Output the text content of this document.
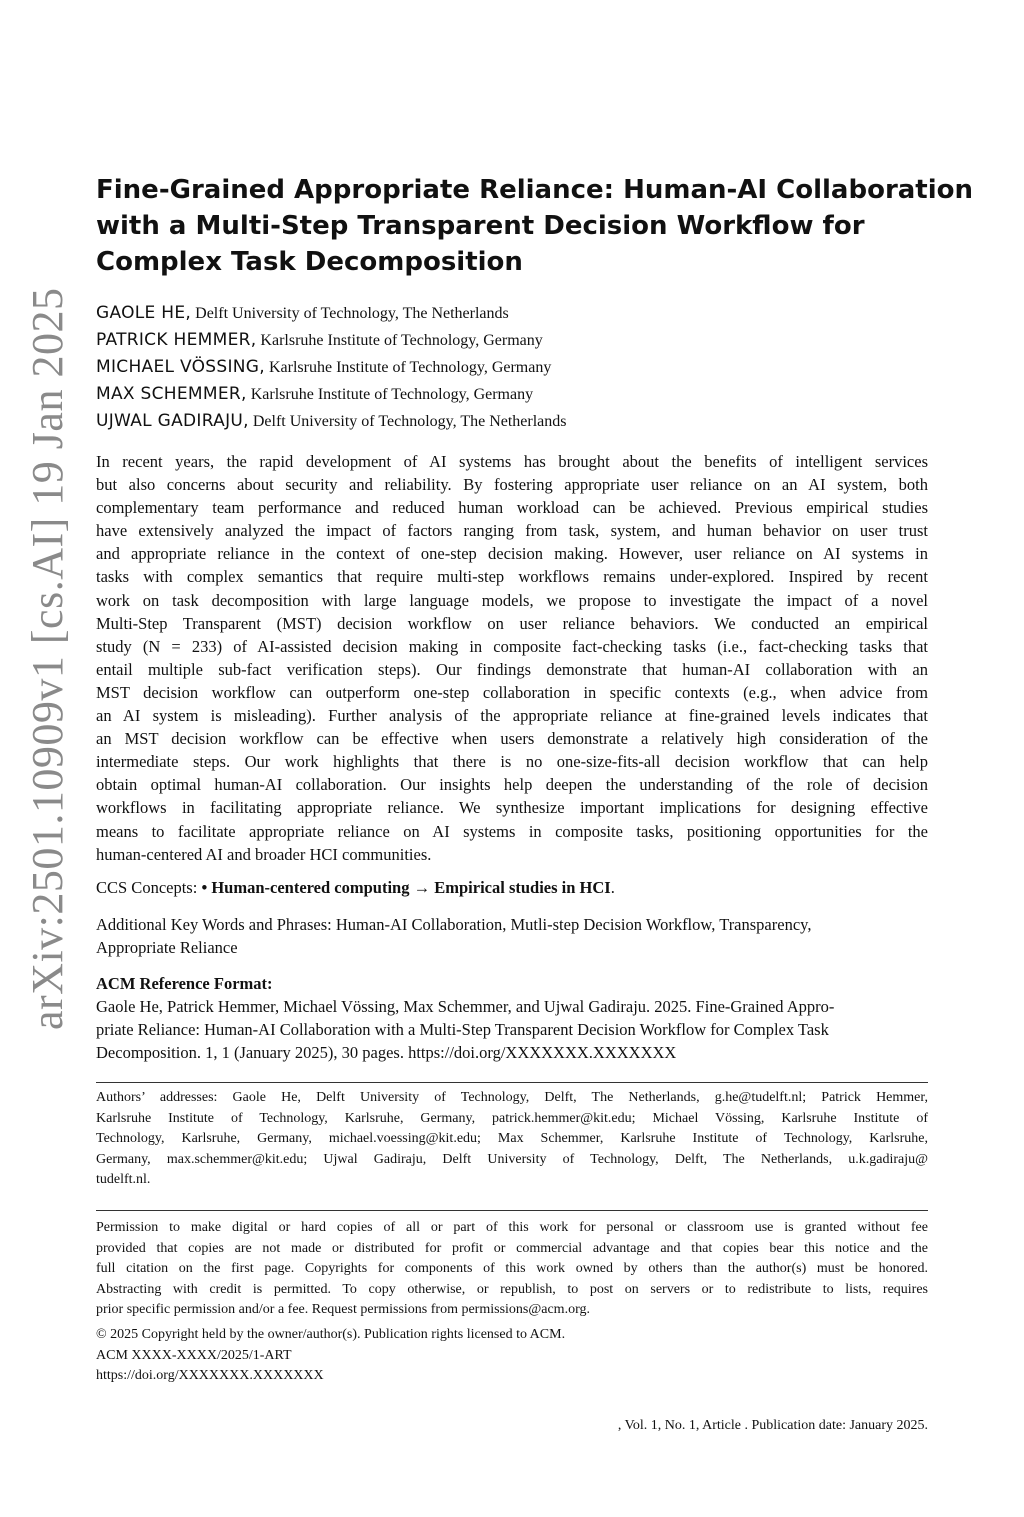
arXiv:2501.10909v1 [cs.AI] 19 Jan 2025
Fine-Grained Appropriate Reliance: Human-AI Collaboration
with a Multi-Step Transparent Decision Workflow for
Complex Task Decomposition
GAOLE HE, Delft University of Technology, The Netherlands
PATRICK HEMMER, Karlsruhe Institute of Technology, Germany
MICHAEL VÖSSING, Karlsruhe Institute of Technology, Germany
MAX SCHEMMER, Karlsruhe Institute of Technology, Germany
UJWAL GADIRAJU, Delft University of Technology, The Netherlands

In recent years, the rapid development of AI systems has brought about the benefits of intelligent services
but also concerns about security and reliability. By fostering appropriate user reliance on an AI system, both
complementary team performance and reduced human workload can be achieved. Previous empirical studies
have extensively analyzed the impact of factors ranging from task, system, and human behavior on user trust
and appropriate reliance in the context of one-step decision making. However, user reliance on AI systems in
tasks with complex semantics that require multi-step workflows remains under-explored. Inspired by recent
work on task decomposition with large language models, we propose to investigate the impact of a novel
Multi-Step Transparent (MST) decision workflow on user reliance behaviors. We conducted an empirical
study (N = 233) of AI-assisted decision making in composite fact-checking tasks (i.e., fact-checking tasks that
entail multiple sub-fact verification steps). Our findings demonstrate that human-AI collaboration with an
MST decision workflow can outperform one-step collaboration in specific contexts (e.g., when advice from
an AI system is misleading). Further analysis of the appropriate reliance at fine-grained levels indicates that
an MST decision workflow can be effective when users demonstrate a relatively high consideration of the
intermediate steps. Our work highlights that there is no one-size-fits-all decision workflow that can help
obtain optimal human-AI collaboration. Our insights help deepen the understanding of the role of decision
workflows in facilitating appropriate reliance. We synthesize important implications for designing effective
means to facilitate appropriate reliance on AI systems in composite tasks, positioning opportunities for the
human-centered AI and broader HCI communities.

CCS Concepts: • Human-centered computing → Empirical studies in HCI.
Additional Key Words and Phrases: Human-AI Collaboration, Mutli-step Decision Workflow, Transparency,
Appropriate Reliance
ACM Reference Format:
Gaole He, Patrick Hemmer, Michael Vössing, Max Schemmer, and Ujwal Gadiraju. 2025. Fine-Grained Appro-
priate Reliance: Human-AI Collaboration with a Multi-Step Transparent Decision Workflow for Complex Task
Decomposition. 1, 1 (January 2025), 30 pages. https://doi.org/XXXXXXX.XXXXXXX
Authors’ addresses: Gaole He, Delft University of Technology, Delft, The Netherlands, g.he@tudelft.nl; Patrick Hemmer,
Karlsruhe Institute of Technology, Karlsruhe, Germany, patrick.hemmer@kit.edu; Michael Vössing, Karlsruhe Institute of
Technology, Karlsruhe, Germany, michael.voessing@kit.edu; Max Schemmer, Karlsruhe Institute of Technology, Karlsruhe,
Germany, max.schemmer@kit.edu; Ujwal Gadiraju, Delft University of Technology, Delft, The Netherlands, u.k.gadiraju@
tudelft.nl.
Permission to make digital or hard copies of all or part of this work for personal or classroom use is granted without fee
provided that copies are not made or distributed for profit or commercial advantage and that copies bear this notice and the
full citation on the first page. Copyrights for components of this work owned by others than the author(s) must be honored.
Abstracting with credit is permitted. To copy otherwise, or republish, to post on servers or to redistribute to lists, requires
prior specific permission and/or a fee. Request permissions from permissions@acm.org.
© 2025 Copyright held by the owner/author(s). Publication rights licensed to ACM.
ACM XXXX-XXXX/2025/1-ART
https://doi.org/XXXXXXX.XXXXXXX
, Vol. 1, No. 1, Article . Publication date: January 2025.
